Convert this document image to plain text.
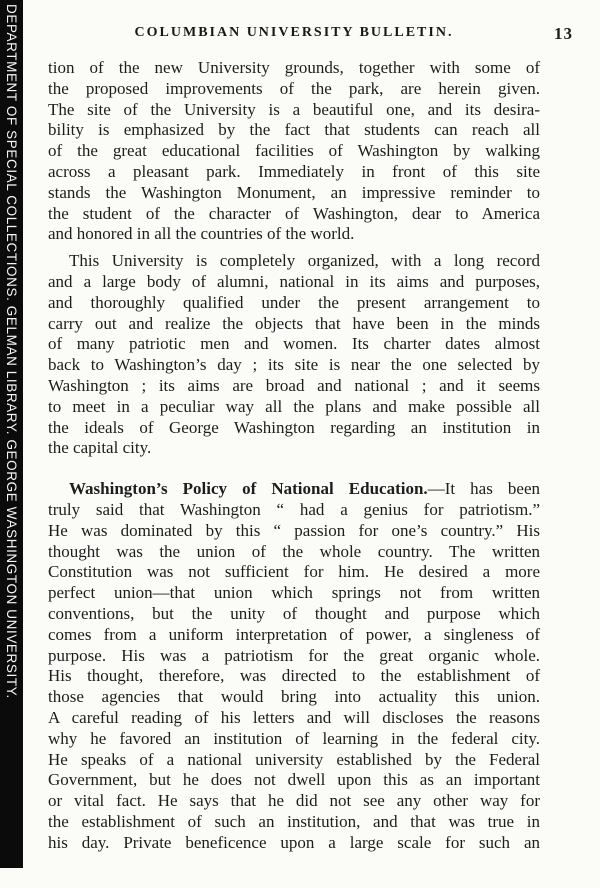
DEPARTMENT OF SPECIAL COLLECTIONS. GELMAN LIBRARY. GEORGE WASHINGTON UNIVERSITY.	COLUMBIAN UNIVERSITY BULLETIN.	13
tion of the new University grounds, together with some of
the proposed improvements of the park, are herein given.
The site of the University is a beautiful one, and its desira-
bility is emphasized by the fact that students can reach all
of the great educational facilities of Washington by walking
across a pleasant park. Immediately in front of this site
stands the Washington Monument, an impressive reminder to
the student of the character of Washington, dear to America
and honored in all the countries of the world.
This University is completely organized, with a long record
and a large body of alumni, national in its aims and purposes,
and thoroughly qualified under the present arrangement to
carry out and realize the objects that have been in the minds
of many patriotic men and women. Its charter dates almost
back to Washington’s day ; its site is near the one selected by
Washington ; its aims are broad and national ; and it seems
to meet in a peculiar way all the plans and make possible all
the ideals of George Washington regarding an institution in
the capital city.
Washington’s Policy of National Education.—It has been
truly said that Washington “ had a genius for patriotism.”
He was dominated by this “ passion for one’s country.” His
thought was the union of the whole country. The written
Constitution was not sufficient for him. He desired a more
perfect union—that union which springs not from written
conventions, but the unity of thought and purpose which
comes from a uniform interpretation of power, a singleness of
purpose. His was a patriotism for the great organic whole.
His thought, therefore, was directed to the establishment of
those agencies that would bring into actuality this union.
A careful reading of his letters and will discloses the reasons
why he favored an institution of learning in the federal city.
He speaks of a national university established by the Federal
Government, but he does not dwell upon this as an important
or vital fact. He says that he did not see any other way for
the establishment of such an institution, and that was true in
his day. Private beneficence upon a large scale for such an
